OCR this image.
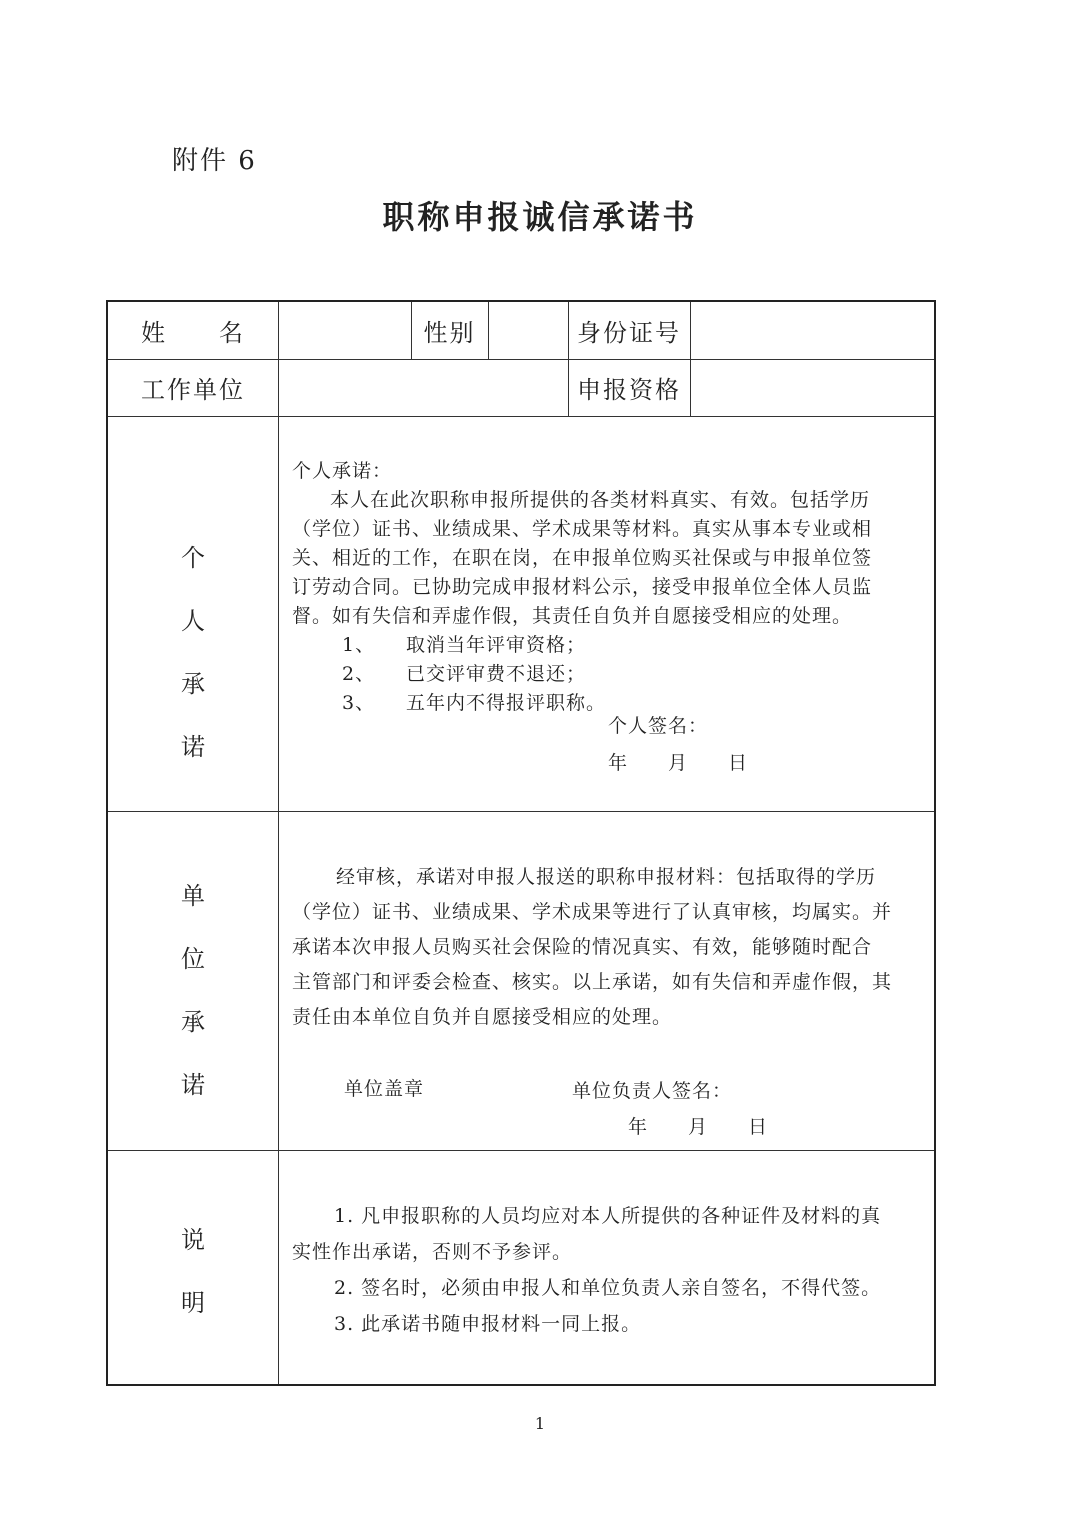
附件 6
职称申报诚信承诺书
姓　　名	性别	身份证号
工作单位	申报资格
个
人
承
诺
个人承诺：
本人在此次职称申报所提供的各类材料真实、有效。包括学历
（学位）证书、业绩成果、学术成果等材料。真实从事本专业或相
关、相近的工作，在职在岗，在申报单位购买社保或与申报单位签
订劳动合同。已协助完成申报材料公示，接受申报单位全体人员监
督。如有失信和弄虚作假，其责任自负并自愿接受相应的处理。
1、 取消当年评审资格；
2、 已交评审费不退还；
3、 五年内不得报评职称。
个人签名：
年　　月　　日
单
位
承
诺
经审核，承诺对申报人报送的职称申报材料：包括取得的学历
（学位）证书、业绩成果、学术成果等进行了认真审核，均属实。并
承诺本次申报人员购买社会保险的情况真实、有效，能够随时配合
主管部门和评委会检查、核实。以上承诺，如有失信和弄虚作假，其
责任由本单位自负并自愿接受相应的处理。
单位盖章	单位负责人签名：
年　　月　　日
说
明
1. 凡申报职称的人员均应对本人所提供的各种证件及材料的真
实性作出承诺，否则不予参评。
2. 签名时，必须由申报人和单位负责人亲自签名，不得代签。
3. 此承诺书随申报材料一同上报。
1
